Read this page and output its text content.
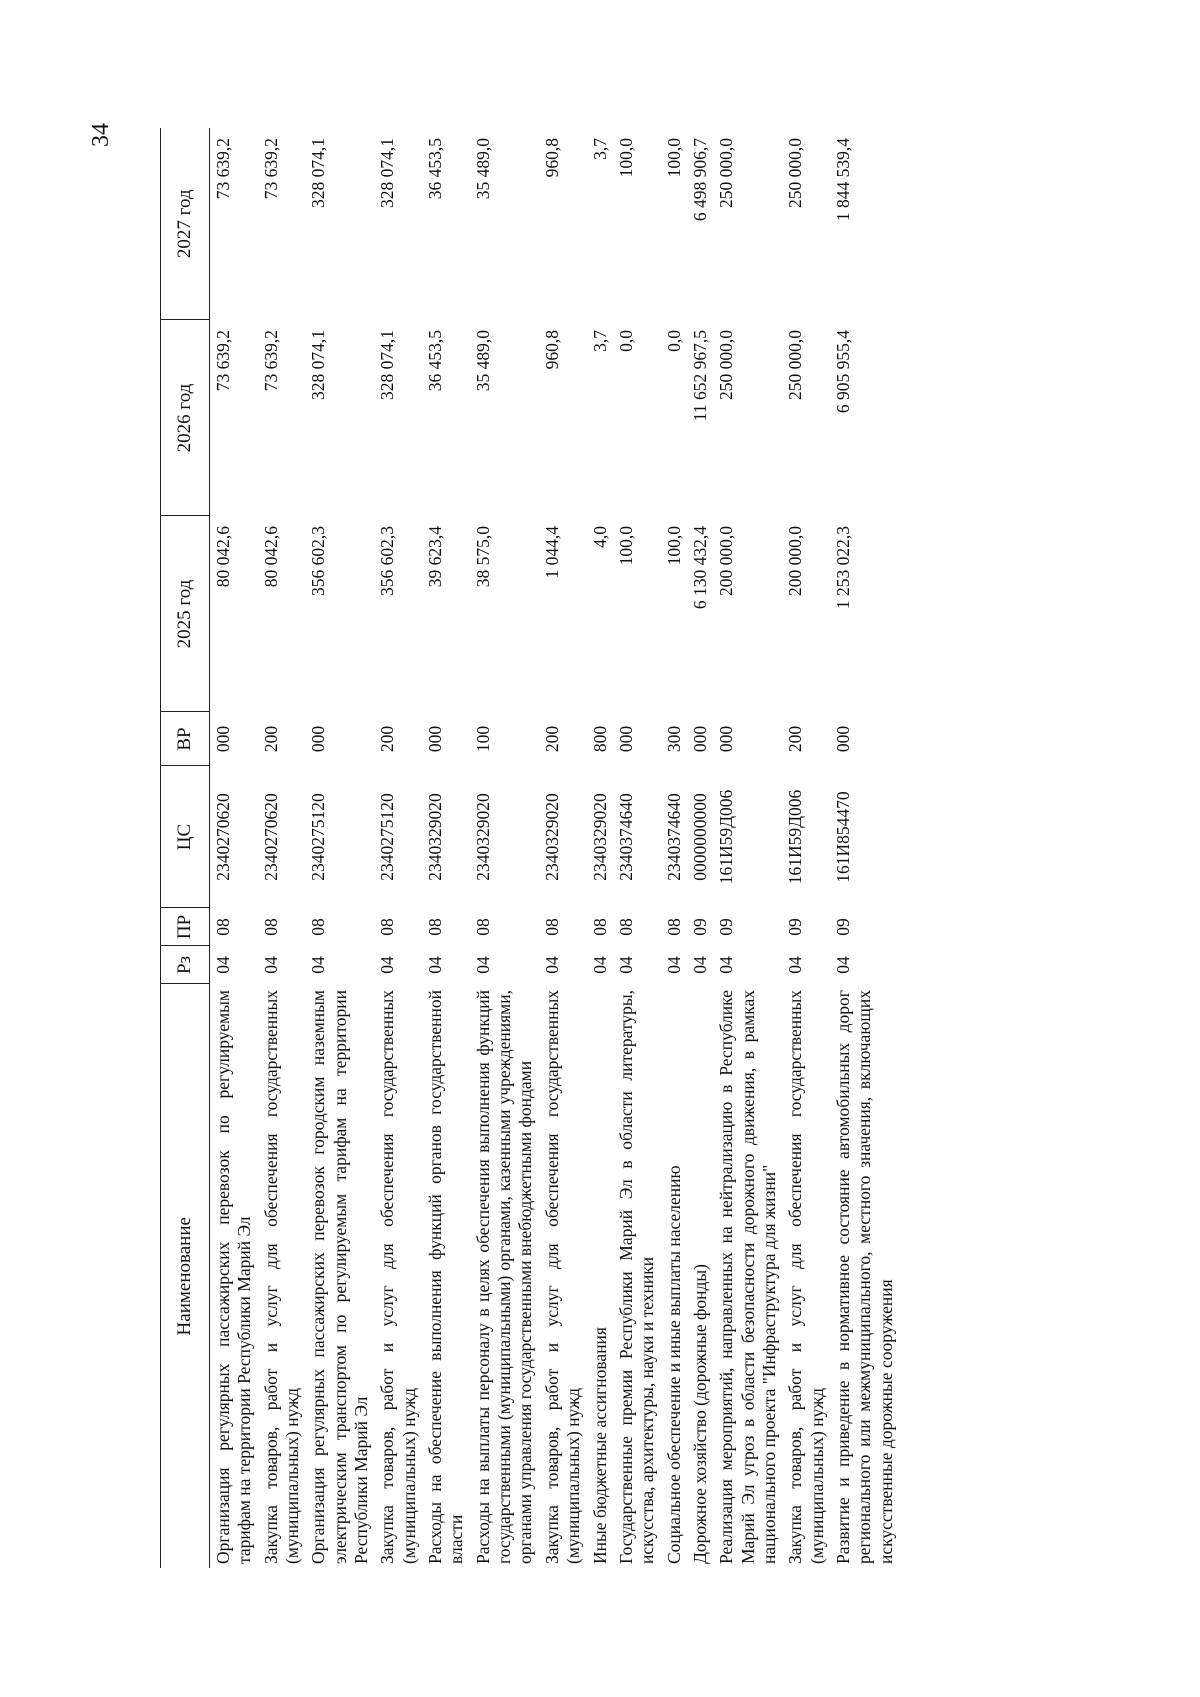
34
Наименование	Рз	ПР	ЦС	ВР	2025 год	2026 год	2027 год
Организация регулярных пассажирских перевозок по регулируемым тарифам на территории Республики Марий Эл	04	08	2340270620	000	80 042,6	73 639,2	73 639,2
Закупка товаров, работ и услуг для обеспечения государственных (муниципальных) нужд	04	08	2340270620	200	80 042,6	73 639,2	73 639,2
Организация регулярных пассажирских перевозок городским наземным электрическим транспортом по регулируемым тарифам на территории Республики Марий Эл	04	08	2340275120	000	356 602,3	328 074,1	328 074,1
Закупка товаров, работ и услуг для обеспечения государственных (муниципальных) нужд	04	08	2340275120	200	356 602,3	328 074,1	328 074,1
Расходы на обеспечение выполнения функций органов государственной власти	04	08	2340329020	000	39 623,4	36 453,5	36 453,5
Расходы на выплаты персоналу в целях обеспечения выполнения функций государственными (муниципальными) органами, казенными учреждениями, органами управления государственными внебюджетными фондами	04	08	2340329020	100	38 575,0	35 489,0	35 489,0
Закупка товаров, работ и услуг для обеспечения государственных (муниципальных) нужд	04	08	2340329020	200	1 044,4	960,8	960,8
Иные бюджетные ассигнования	04	08	2340329020	800	4,0	3,7	3,7
Государственные премии Республики Марий Эл в области литературы, искусства, архитектуры, науки и техники	04	08	2340374640	000	100,0	0,0	100,0
Социальное обеспечение и иные выплаты населению	04	08	2340374640	300	100,0	0,0	100,0
Дорожное хозяйство (дорожные фонды)	04	09	0000000000	000	6 130 432,4	11 652 967,5	6 498 906,7
Реализация мероприятий, направленных на нейтрализацию в Республике Марий Эл угроз в области безопасности дорожного движения, в рамках национального проекта "Инфраструктура для жизни"	04	09	161И59Д006	000	200 000,0	250 000,0	250 000,0
Закупка товаров, работ и услуг для обеспечения государственных (муниципальных) нужд	04	09	161И59Д006	200	200 000,0	250 000,0	250 000,0
Развитие и приведение в нормативное состояние автомобильных дорог регионального или межмуниципального, местного значения, включающих искусственные дорожные сооружения	04	09	161И854470	000	1 253 022,3	6 905 955,4	1 844 539,4
